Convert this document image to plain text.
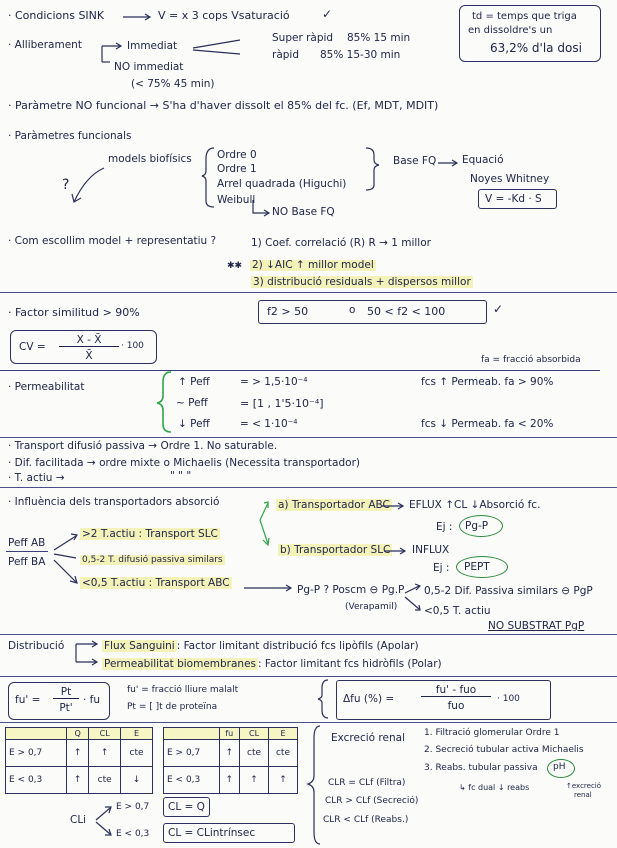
· Condicions SINK	V = x 3 cops Vsaturació	✓	td = temps que triga
en dissoldre's un
63,2% d'la dosi
· Alliberament	Immediat
Super ràpid 85% 15 min
ràpid 85% 15-30 min
NO immediat
(< 75% 45 min)
· Paràmetre NO funcional → S'ha d'haver dissolt el 85% del fc. (Ef, MDT, MDIT)
· Paràmetres funcionals
models biofísics Ordre 0
Ordre 1
Arrel quadrada (Higuchi)
Weibull
Base FQ Equació
Noyes Whitney
V = -Kd · S
NO Base FQ
?
· Com escollim model + representatiu ?	1) Coef. correlació (R) R → 1 millor
✱✱ 2) ↓AIC ↑ millor model
3) distribució residuals + dispersos millor
· Factor similitud > 90%	f2 > 50	o 50 < f2 < 100	✓
CV = $\frac{X - X̄}{X̄} \cdot 100$
fa = fracció absorbida
· Permeabilitat	↑ Peff	= > 1,5·10⁻⁴	fcs ↑ Permeab. fa > 90%
~ Peff	= [1 , 1'5·10⁻⁴]
↓ Peff	= < 1·10⁻⁴	fcs ↓ Permeab. fa < 20%
· Transport difusió passiva → Ordre 1. No saturable.
· Dif. facilitada → ordre mixte o Michaelis (Necessita transportador)
· T. actiu →	" " "
· Influència dels transportadors absorció	a) Transportador ABC EFLUX ↑CL ↓Absorció fc.
Ej : Pg-P
Peff AB
Peff BA
>2 T.actiu : Transport SLC
0,5-2 T. difusió passiva similars
<0,5 T.actiu : Transport ABC
b) Transportador SLC INFLUX
Ej : PEPT
Pg-P ? Poscm ⊖ Pg.P
(Verapamil)
0,5-2 Dif. Passiva similars ⊖ PgP
<0,5 T. actiu
NO SUBSTRAT PgP
Distribució	Flux Sanguini : Factor limitant distribució fcs lipòfils (Apolar)
Permeabilitat biomembranes : Factor limitant fcs hidròfils (Polar)
$fu' = \frac{Pt}{Pt'}$ · fu
fu' = fracció lliure malalt
Pt = [ ]t de proteïna
Δfu (%) =
fu' - fuo
fuo
· 100
	Q	CL	E
E > 0,7	↑	↑	cte
E < 0,3	↑	cte	↓
	fu	CL	E
E > 0,7	↑	cte	cte
E < 0,3	↑	↑	↑
CLi
E > 0,7
E < 0,3
CL = Q
CL = CLintrínsec
Excreció renal 1. Filtració glomerular Ordre 1
2. Secreció tubular activa Michaelis
3. Reabs. tubular passiva pH
↳ fc dual ↓ reabs	↑excreció
renal
CLR = CLf (Filtra)
CLR > CLf (Secreció)
CLR < CLf (Reabs.)
